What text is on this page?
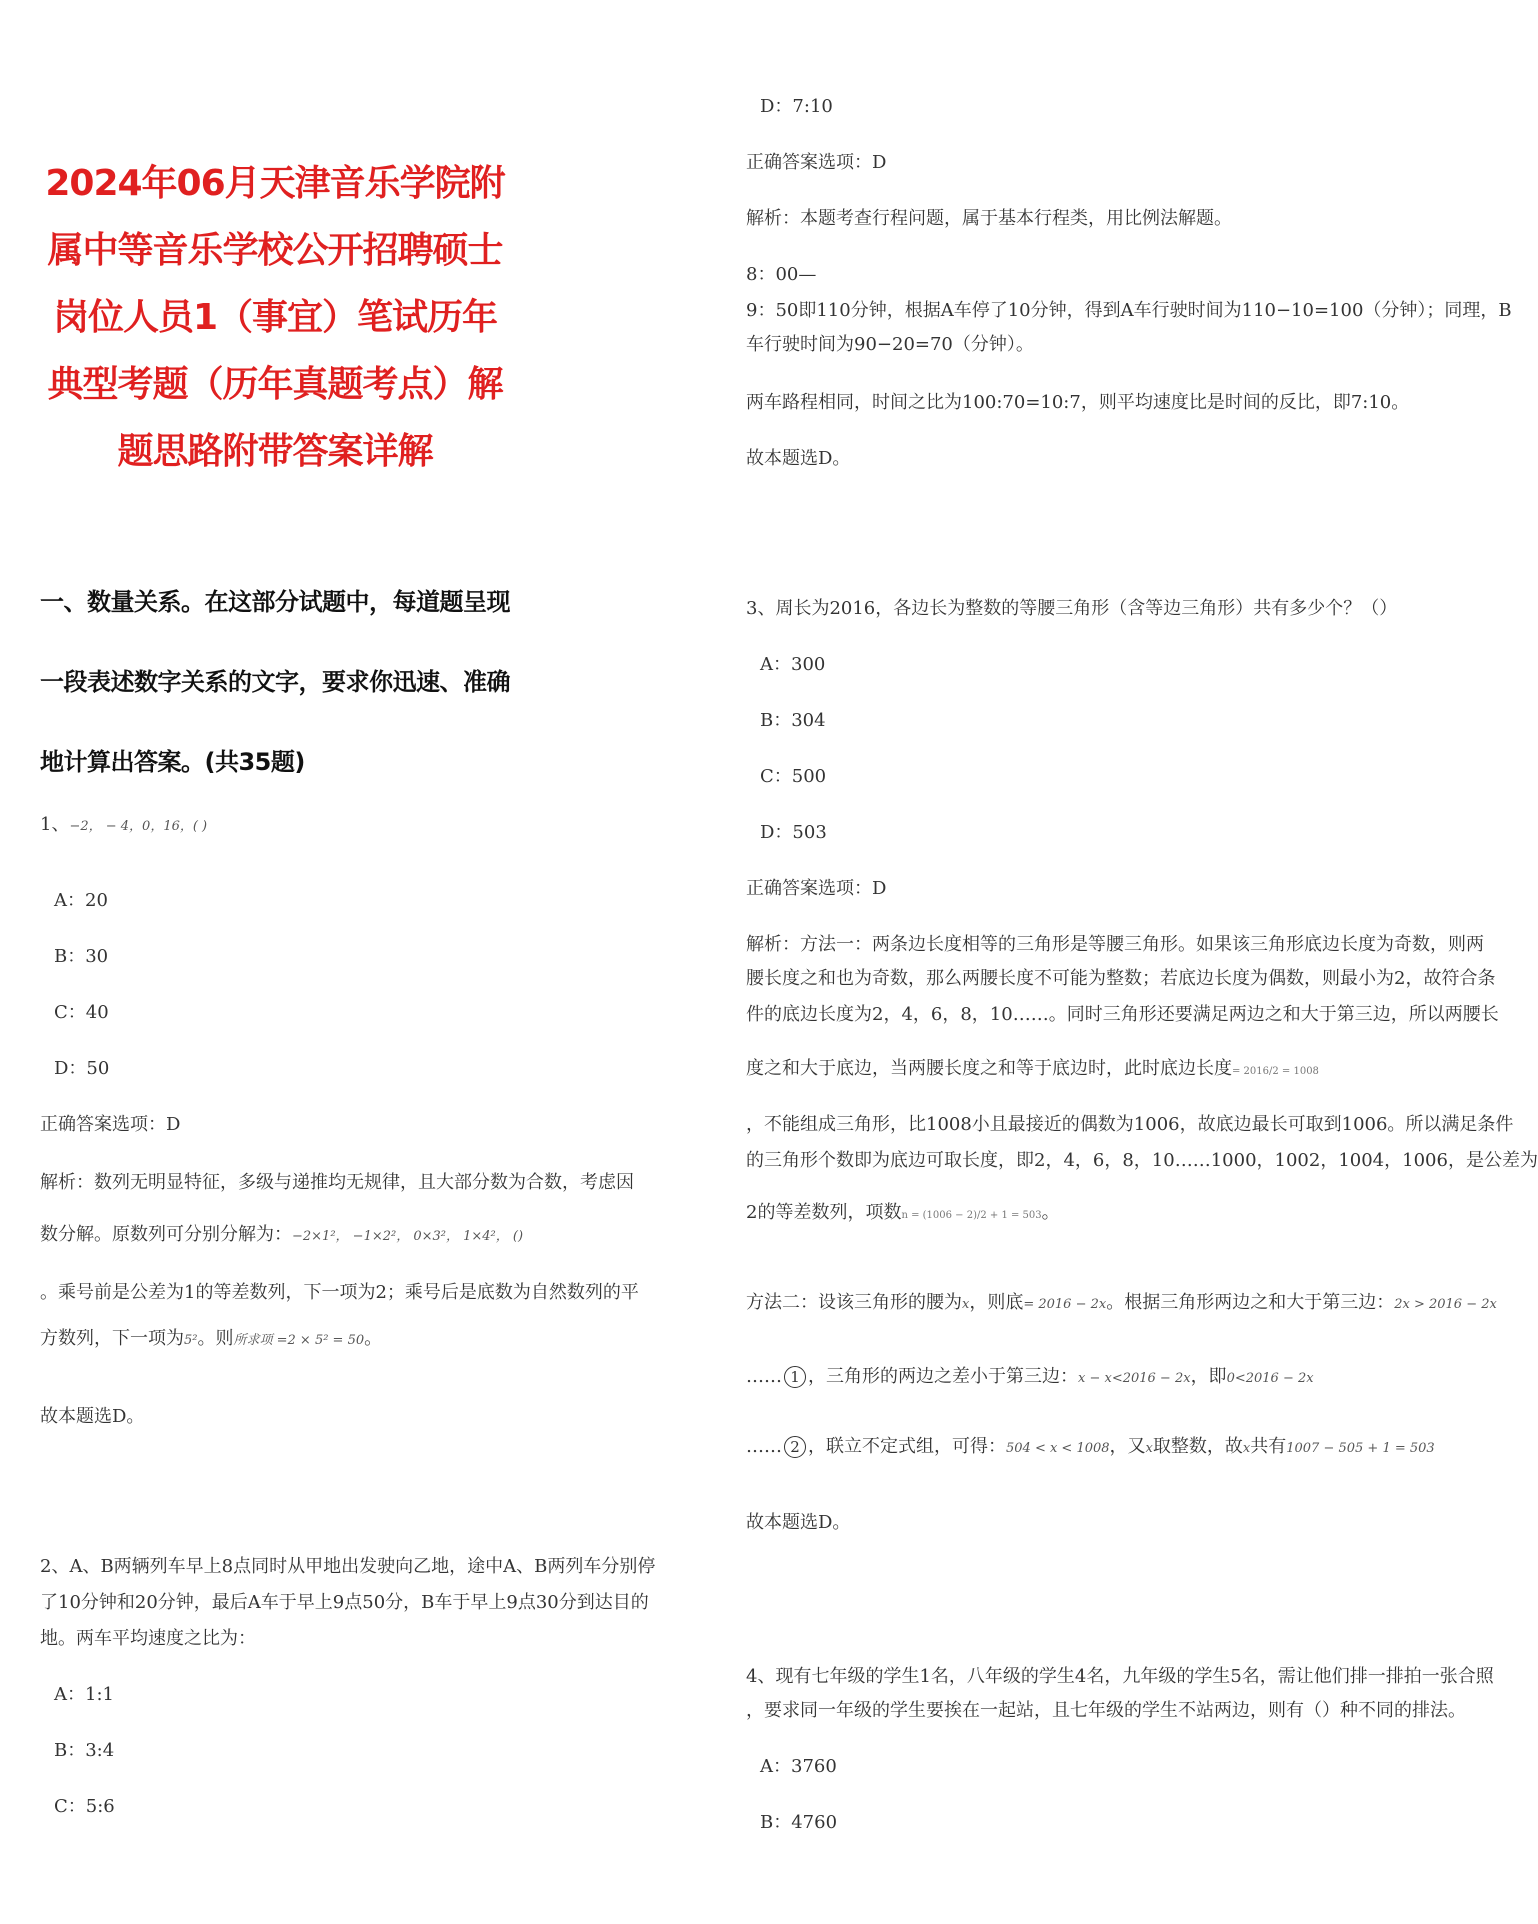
2024年06月天津音乐学院附属中等音乐学校公开招聘硕士岗位人员1（事宜）笔试历年典型考题（历年真题考点）解题思路附带答案详解
一、数量关系。在这部分试题中，每道题呈现一段表述数字关系的文字，要求你迅速、准确地计算出答案。(共35题)
1、−2， − 4，0，16，( )
A：20
B：30
C：40
D：50
正确答案选项：D
解析：数列无明显特征，多级与递推均无规律，且大部分数为合数，考虑因
数分解。原数列可分别分解为：−2×1²， −1×2²， 0×3²， 1×4²， ()
。乘号前是公差为1的等差数列，下一项为2；乘号后是底数为自然数列的平
方数列，下一项为5²。则所求项 =2 × 5² = 50。
故本题选D。
2、A、B两辆列车早上8点同时从甲地出发驶向乙地，途中A、B两列车分别停
了10分钟和20分钟，最后A车于早上9点50分，B车于早上9点30分到达目的
地。两车平均速度之比为：
A：1:1
B：3:4
C：5:6
D：7:10
正确答案选项：D
解析：本题考查行程问题，属于基本行程类，用比例法解题。
8：00—
9：50即110分钟，根据A车停了10分钟，得到A车行驶时间为110−10=100（分钟）；同理，B
车行驶时间为90−20=70（分钟）。
两车路程相同，时间之比为100:70=10:7，则平均速度比是时间的反比，即7:10。
故本题选D。
3、周长为2016，各边长为整数的等腰三角形（含等边三角形）共有多少个？（）
A：300
B：304
C：500
D：503
正确答案选项：D
解析：方法一：两条边长度相等的三角形是等腰三角形。如果该三角形底边长度为奇数，则两
腰长度之和也为奇数，那么两腰长度不可能为整数；若底边长度为偶数，则最小为2，故符合条
件的底边长度为2，4，6，8，10……。同时三角形还要满足两边之和大于第三边，所以两腰长
度之和大于底边，当两腰长度之和等于底边时，此时底边长度= 2016/2 = 1008
，不能组成三角形，比1008小且最接近的偶数为1006，故底边最长可取到1006。所以满足条件
的三角形个数即为底边可取长度，即2，4，6，8，10……1000，1002，1004，1006，是公差为
2的等差数列，项数n = (1006 − 2)/2 + 1 = 503。
方法二：设该三角形的腰为x，则底= 2016 − 2x。根据三角形两边之和大于第三边：2x > 2016 − 2x
…… 1 ，三角形的两边之差小于第三边：x − x<2016 − 2x，即0<2016 − 2x
…… 2 ，联立不定式组，可得：504 < x < 1008，又x取整数，故x共有1007 − 505 + 1 = 503
故本题选D。
4、现有七年级的学生1名，八年级的学生4名，九年级的学生5名，需让他们排一排拍一张合照
，要求同一年级的学生要挨在一起站，且七年级的学生不站两边，则有（）种不同的排法。
A：3760
B：4760
